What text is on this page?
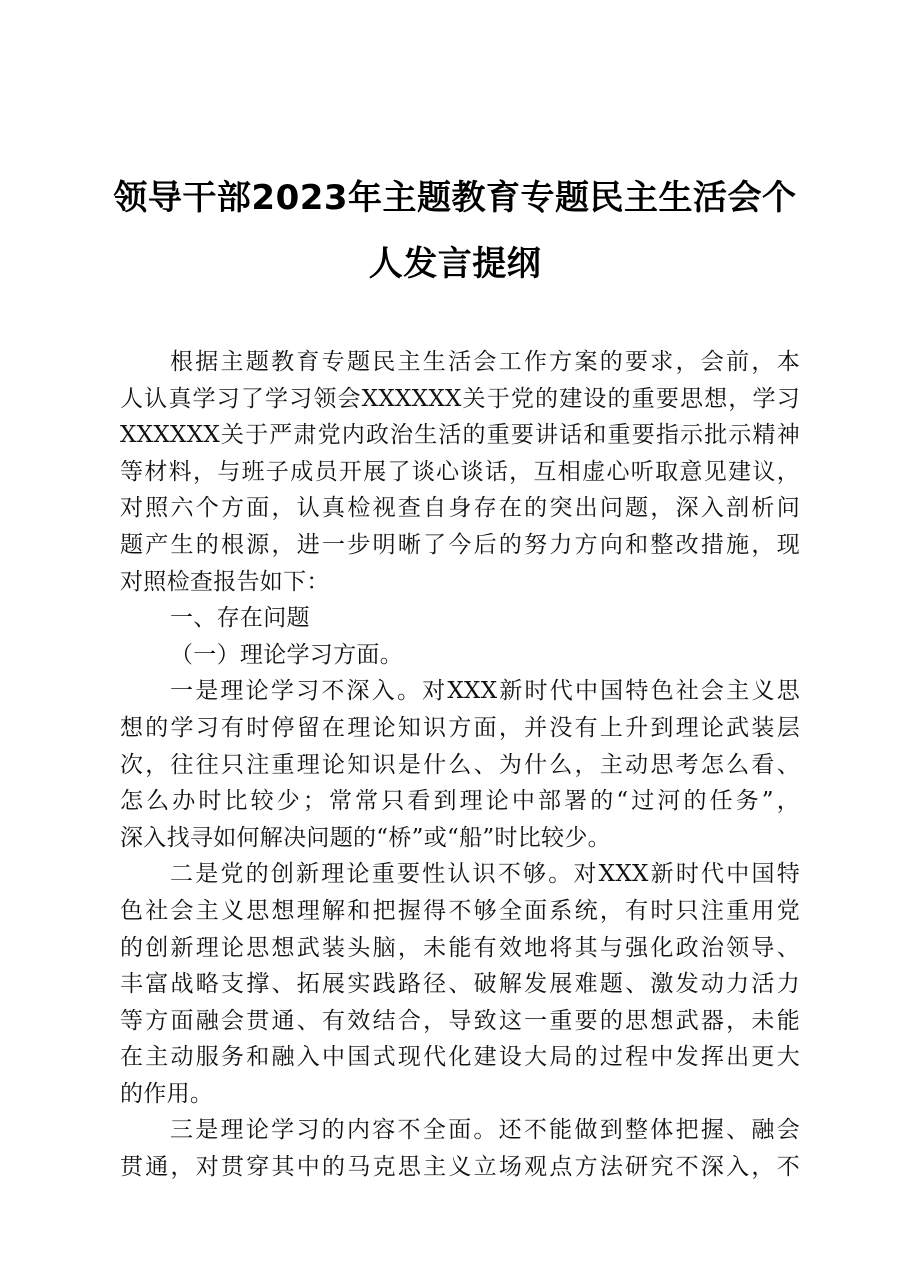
领导干部2023年主题教育专题民主生活会个
人发言提纲
根据主题教育专题民主生活会工作方案的要求，会前，本
人认真学习了学习领会XXXXXX关于党的建设的重要思想，学习
XXXXXX关于严肃党内政治生活的重要讲话和重要指示批示精神
等材料，与班子成员开展了谈心谈话，互相虚心听取意见建议，
对照六个方面，认真检视查自身存在的突出问题，深入剖析问
题产生的根源，进一步明晰了今后的努力方向和整改措施，现
对照检查报告如下：
一、存在问题
（一）理论学习方面。
一是理论学习不深入。对XXX新时代中国特色社会主义思
想的学习有时停留在理论知识方面，并没有上升到理论武装层
次，往往只注重理论知识是什么、为什么，主动思考怎么看、
怎么办时比较少；常常只看到理论中部署的“过河的任务”，
深入找寻如何解决问题的“桥”或“船”时比较少。
二是党的创新理论重要性认识不够。对XXX新时代中国特
色社会主义思想理解和把握得不够全面系统，有时只注重用党
的创新理论思想武装头脑，未能有效地将其与强化政治领导、
丰富战略支撑、拓展实践路径、破解发展难题、激发动力活力
等方面融会贯通、有效结合，导致这一重要的思想武器，未能
在主动服务和融入中国式现代化建设大局的过程中发挥出更大
的作用。
三是理论学习的内容不全面。还不能做到整体把握、融会
贯通，对贯穿其中的马克思主义立场观点方法研究不深入，不
